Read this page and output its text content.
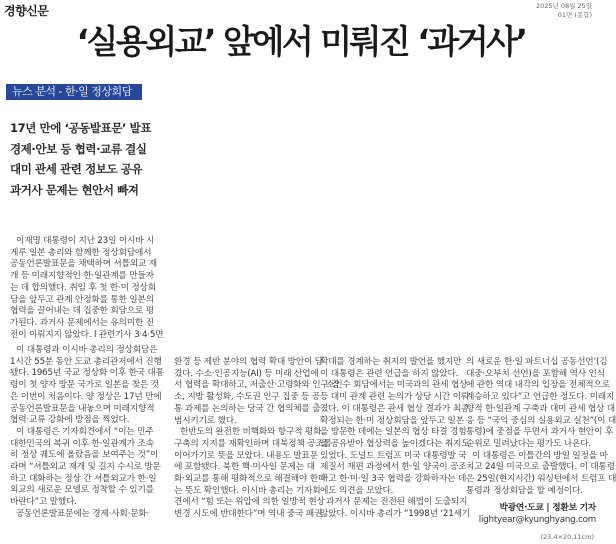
경향신문	2025년 08월 25일
01면 (종합)
‘실용외교’ 앞에서 미뤄진 ‘과거사’
뉴스 분석 - 한·일 정상회담
17년 만에 ‘공동발표문’ 발표
경제·안보 등 협력·교류 결실
대미 관세 관련 정보도 공유
과거사 문제는 현안서 빠져
이재명 대통령이 지난 23일 이시바 시
게루 일본 총리와 함께한 정상회담에서
공동언론발표문을 채택하며 셔틀외교 재
개 등 미래지향적인 한·일관계를 만들자
는 데 합의했다. 취임 후 첫 한·미 정상회
담을 앞두고 관계 안정화를 통한 일본의
협력을 끌어내는 데 집중한 회담으로 평
가된다. 과거사 문제에서는 유의미한 진
전이 이뤄지지 않았다. l 관련기사 3·4·5면
이 대통령과 이시바 총리의 정상회담은
1시간 55분 동안 도쿄 총리관저에서 진행
됐다. 1965년 국교 정상화 이후 한국 대통
령이 첫 양자 방문 국가로 일본을 찾은 것
은 이번이 처음이다. 양 정상은 17년 만에
공동언론발표문을 내놓으며 미래지향적
협력·교류 강화에 방점을 찍었다.
이 대통령은 기자회견에서 “이는 민주
대한민국의 복귀 이후 한·일관계가 조속
히 정상 궤도에 올랐음을 보여주는 것”이
라며 “셔틀외교 재개 및 길지 수시로 방문
하고 대화하는 정상 간 셔틀외교가 한·일
외교의 새로운 모델로 정착할 수 있기를
바란다”고 말했다.
공동언론발표문에는 경제·사회·문화·
환경 등 제반 분야의 협력 확대 방안이 담
겼다. 수소·인공지능(AI) 등 미래 산업에
서 협력을 확대하고, 저출산·고령화와 인구 감
소, 지방 활성화, 수도권 인구 집중 등 공
통 과제를 논의하는 당국 간 협의체를 출
범시키기로 했다.
한반도의 완전한 비핵화와 항구적 평화
구축의 지지를 재확인하며 대북정책 공조를
이어가기로 뜻을 모았다. 내용도 발표문
에 포함됐다. 북한 핵·미사일 문제는 대
화·외교를 통해 평화적으로 해결해야 한다
는 뜻도 확인했다. 이시바 총리는 기자회
견에서 “힘 또는 위압에 의한 일방적 현상
변경 시도에 반대한다”며 역내 중국 패권
확대를 경계하는 취지의 발언을 했지만
이 대통령은 관련 언급을 하지 않았다.
소인수 회담에서는 미국과의 관세 협상
등 대미 관계 관련 논의가 상당 시간 이뤄
졌다. 이 대통령은 관세 협상 결과가 최종
확정되는 한·미 정상회담을 앞두고 일본
을 방문한 데에는 일본의 협상 타결 경험
을 공유받아 협상력을 높이겠다는 취지도
있었다. 도널드 트럼프 미국 대통령발 국
제질서 재편 과정에서 한·일 양국이 공조
하고 한·미·일 3국 협력을 강화하자는 데
에도 의견을 모았다.
과거사 문제는 진전된 해법이 도출되지
않았다. 이시바 총리가 “1998년 ‘21세기
의 새로운 한·일 파트너십 공동선언’(김
대중·오부치 선언)을 포함해 역사 인식
에 관한 역대 내각의 입장을 전체적으로
계승하고 있다”고 언급한 정도다. 미래지
향적 한·일관계 구축과 대미 관세 협상 대
응 등 “국익 중심의 실용외교 실천”(이 대
통령)에 중점을 두면서 과거사 현안이 후
순위로 밀려났다는 평가도 나온다.
이 대통령은 이틀간의 방일 일정을 마
치고 24일 미국으로 출발했다. 이 대통령
은 25일(현지시간) 워싱턴에서 트럼프 대
통령과 정상회담을 할 예정이다.
박광연·도쿄 | 정환보 기자
lightyear@kyunghyang.com
(23.4×20.11cm)
